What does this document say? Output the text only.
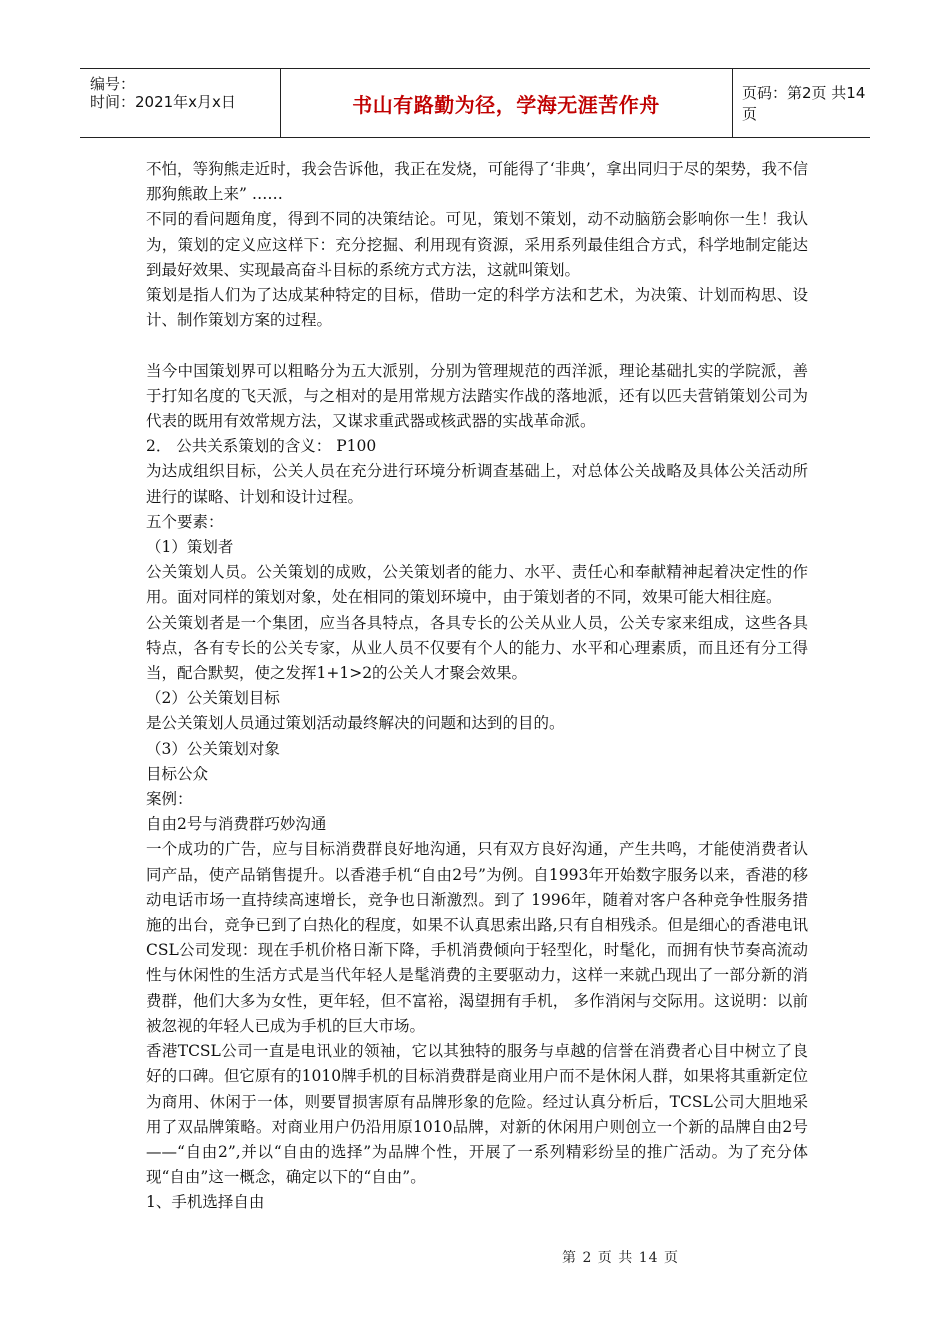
编号：
时间：2021年x月x日	书山有路勤为径，学海无涯苦作舟	页码：第2页 共14页

不怕，等狗熊走近时，我会告诉他，我正在发烧，可能得了‘非典’，拿出同归于尽的架势，我不信那狗熊敢上来” ……

不同的看问题角度，得到不同的决策结论。可见，策划不策划，动不动脑筋会影响你一生！我认为，策划的定义应这样下：充分挖掘、利用现有资源，采用系列最佳组合方式，科学地制定能达到最好效果、实现最高奋斗目标的系统方式方法，这就叫策划。

策划是指人们为了达成某种特定的目标，借助一定的科学方法和艺术，为决策、计划而构思、设计、制作策划方案的过程。

当今中国策划界可以粗略分为五大派别，分别为管理规范的西洋派，理论基础扎实的学院派，善于打知名度的飞天派，与之相对的是用常规方法踏实作战的落地派，还有以匹夫营销策划公司为代表的既用有效常规方法，又谋求重武器或核武器的实战革命派。

2． 公共关系策划的含义： P100

为达成组织目标，公关人员在充分进行环境分析调查基础上，对总体公关战略及具体公关活动所进行的谋略、计划和设计过程。

五个要素：

（1）策划者

公关策划人员。公关策划的成败，公关策划者的能力、水平、责任心和奉献精神起着决定性的作用。面对同样的策划对象，处在相同的策划环境中，由于策划者的不同，效果可能大相往庭。

公关策划者是一个集团，应当各具特点，各具专长的公关从业人员，公关专家来组成，这些各具特点，各有专长的公关专家，从业人员不仅要有个人的能力、水平和心理素质，而且还有分工得当，配合默契，使之发挥1+1>2的公关人才聚会效果。

（2）公关策划目标

是公关策划人员通过策划活动最终解决的问题和达到的目的。

（3）公关策划对象

目标公众

案例：

自由2号与消费群巧妙沟通

一个成功的广告，应与目标消费群良好地沟通，只有双方良好沟通，产生共鸣，才能使消费者认同产品，使产品销售提升。以香港手机“自由2号”为例。自1993年开始数字服务以来，香港的移动电话市场一直持续高速增长，竞争也日渐激烈。到了 1996年，随着对客户各种竞争性服务措施的出台，竞争已到了白热化的程度，如果不认真思索出路,只有自相残杀。但是细心的香港电讯CSL公司发现：现在手机价格日渐下降，手机消费倾向于轻型化，时髦化，而拥有快节奏高流动性与休闲性的生活方式是当代年轻人是髦消费的主要驱动力，这样一来就凸现出了一部分新的消费群，他们大多为女性，更年轻，但不富裕，渴望拥有手机， 多作消闲与交际用。这说明：以前被忽视的年轻人已成为手机的巨大市场。

香港TCSL公司一直是电讯业的领袖，它以其独特的服务与卓越的信誉在消费者心目中树立了良好的口碑。但它原有的1010牌手机的目标消费群是商业用户而不是休闲人群，如果将其重新定位为商用、休闲于一体，则要冒损害原有品牌形象的危险。经过认真分析后，TCSL公司大胆地采用了双品牌策略。对商业用户仍沿用原1010品牌，对新的休闲用户则创立一个新的品牌自由2号——“自由2”,并以“自由的选择”为品牌个性，开展了一系列精彩纷呈的推广活动。为了充分体现“自由”这一概念，确定以下的“自由”。

1、手机选择自由

第 2 页 共 14 页
